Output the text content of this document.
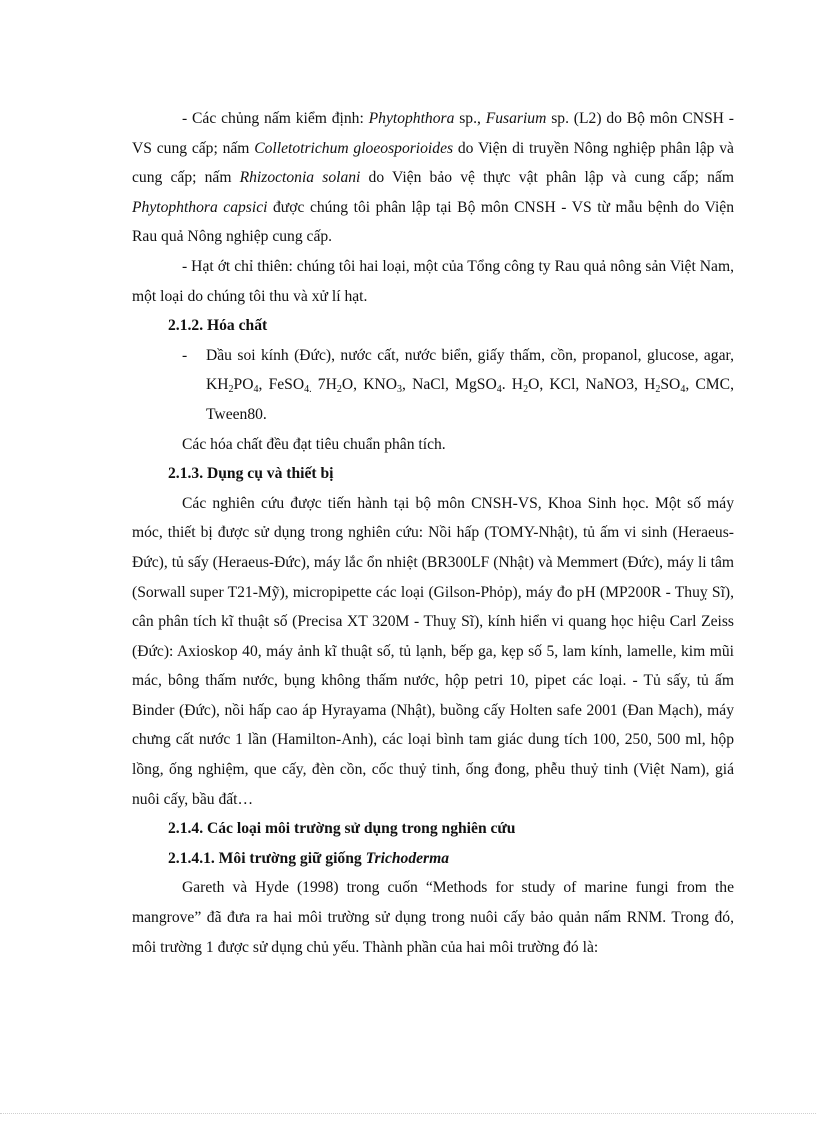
- Các chủng nấm kiểm định: Phytophthora sp., Fusarium sp. (L2) do Bộ môn CNSH - VS cung cấp; nấm Colletotrichum gloeosporioides do Viện di truyền Nông nghiệp phân lập và cung cấp; nấm Rhizoctonia solani do Viện bảo vệ thực vật phân lập và cung cấp; nấm Phytophthora capsici được chúng tôi phân lập tại Bộ môn CNSH - VS từ mẫu bệnh do Viện Rau quả Nông nghiệp cung cấp.

- Hạt ớt chỉ thiên: chúng tôi hai loại, một của Tổng công ty Rau quả nông sản Việt Nam, một loại do chúng tôi thu và xử lí hạt.

2.1.2. Hóa chất

- Dầu soi kính (Đức), nước cất, nước biển, giấy thấm, cồn, propanol, glucose, agar, $KH_2PO_4$, FeSO$_{4.}$ $7H_2O$, $KNO_3$, NaCl, MgSO$_4$. $H_2O$, KCl, NaNO3, $H_2SO_4$, CMC, Tween80.

Các hóa chất đều đạt tiêu chuẩn phân tích.

2.1.3. Dụng cụ và thiết bị

Các nghiên cứu được tiến hành tại bộ môn CNSH-VS, Khoa Sinh học. Một số máy móc, thiết bị được sử dụng trong nghiên cứu: Nồi hấp (TOMY-Nhật), tủ ấm vi sinh (Heraeus-Đức), tủ sấy (Heraeus-Đức), máy lắc ổn nhiệt (BR300LF (Nhật) và Memmert (Đức), máy li tâm (Sorwall super T21-Mỹ), micropipette các loại (Gilson-Phỏp), máy đo pH (MP200R - Thuỵ Sĩ), cân phân tích kĩ thuật số (Precisa XT 320M - Thuỵ Sĩ), kính hiển vi quang học hiệu Carl Zeiss (Đức): Axioskop 40, máy ảnh kĩ thuật số, tủ lạnh, bếp ga, kẹp số 5, lam kính, lamelle, kim mũi mác, bông thấm nước, bụng không thấm nước, hộp petri 10, pipet các loại. - Tủ sấy, tủ ấm Binder (Đức), nồi hấp cao áp Hyrayama (Nhật), buồng cấy Holten safe 2001 (Đan Mạch), máy chưng cất nước 1 lần (Hamilton-Anh), các loại bình tam giác dung tích 100, 250, 500 ml, hộp lồng, ống nghiệm, que cấy, đèn cồn, cốc thuỷ tinh, ống đong, phễu thuỷ tinh (Việt Nam), giá nuôi cấy, bầu đất…

2.1.4. Các loại môi trường sử dụng trong nghiên cứu

2.1.4.1. Môi trường giữ giống Trichoderma

Gareth và Hyde (1998) trong cuốn “Methods for study of marine fungi from the mangrove” đã đưa ra hai môi trường sử dụng trong nuôi cấy bảo quản nấm RNM. Trong đó, môi trường 1 được sử dụng chủ yếu. Thành phần của hai môi trường đó là:
